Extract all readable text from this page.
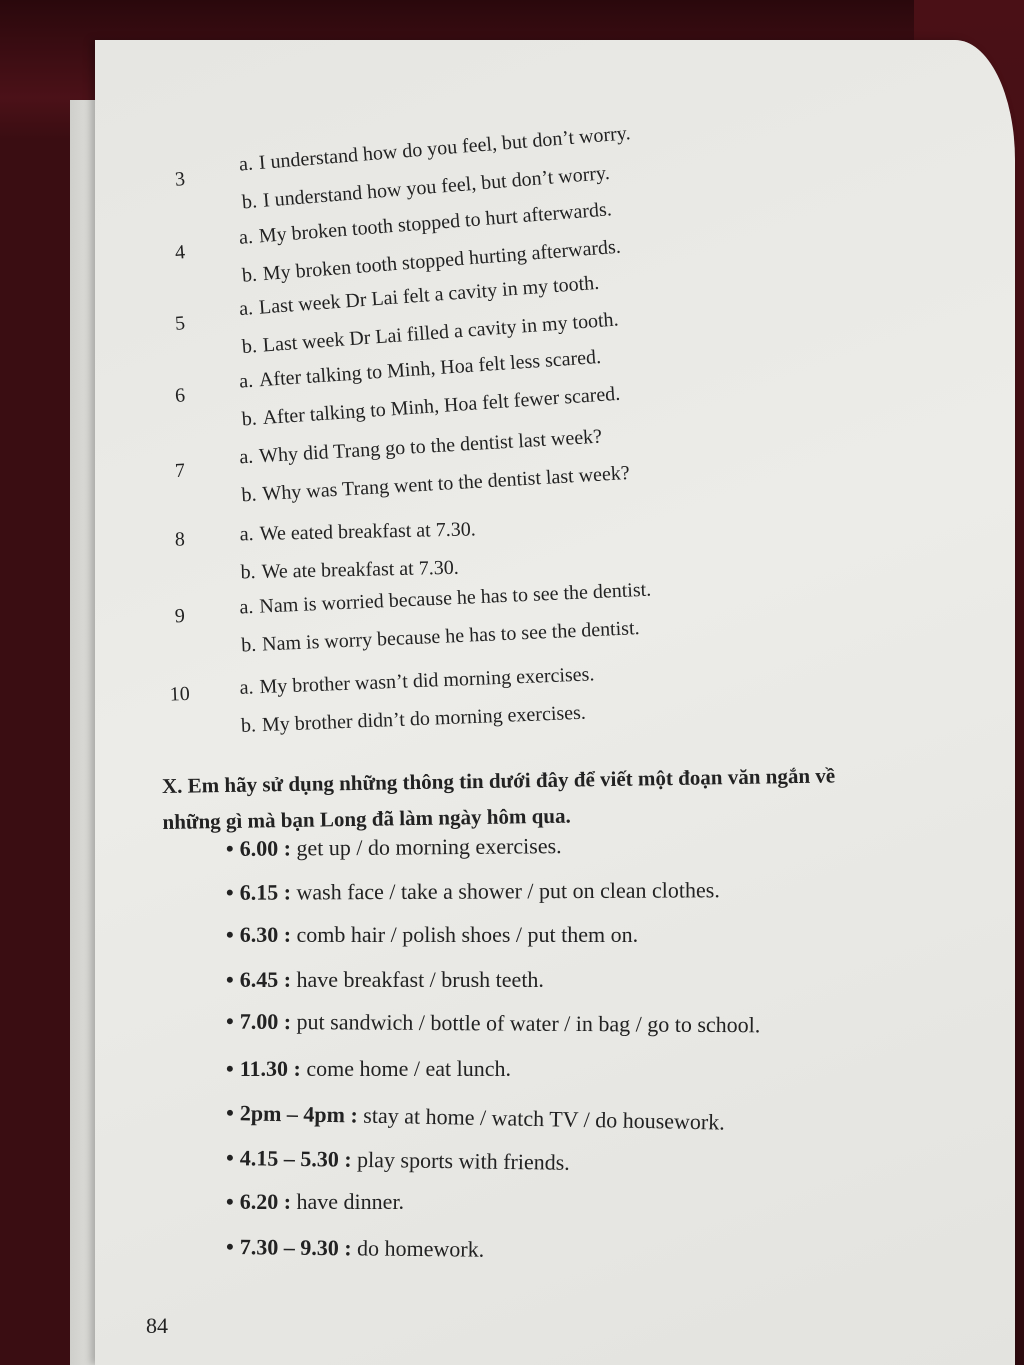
3
a. I understand how do you feel, but don’t worry.
b. I understand how you feel, but don’t worry.
4
a. My broken tooth stopped to hurt afterwards.
b. My broken tooth stopped hurting afterwards.
5
a. Last week Dr Lai felt a cavity in my tooth.
b. Last week Dr Lai filled a cavity in my tooth.
6
a. After talking to Minh, Hoa felt less scared.
b. After talking to Minh, Hoa felt fewer scared.
7
a. Why did Trang go to the dentist last week?
b. Why was Trang went to the dentist last week?
8	a. We eated breakfast at 7.30.
b. We ate breakfast at 7.30.
9	a. Nam is worried because he has to see the dentist.
b. Nam is worry because he has to see the dentist.
10	a. My brother wasn’t did morning exercises.
b. My brother didn’t do morning exercises.
X. Em hãy sử dụng những thông tin dưới đây để viết một đoạn văn ngắn về
những gì mà bạn Long đã làm ngày hôm qua.
• 6.00 : get up / do morning exercises.
• 6.15 : wash face / take a shower / put on clean clothes.
• 6.30 : comb hair / polish shoes / put them on.
• 6.45 : have breakfast / brush teeth.
• 7.00 : put sandwich / bottle of water / in bag / go to school.
• 11.30 : come home / eat lunch.
• 2pm – 4pm : stay at home / watch TV / do housework.
• 4.15 – 5.30 : play sports with friends.
• 6.20 : have dinner.
• 7.30 – 9.30 : do homework.
84
